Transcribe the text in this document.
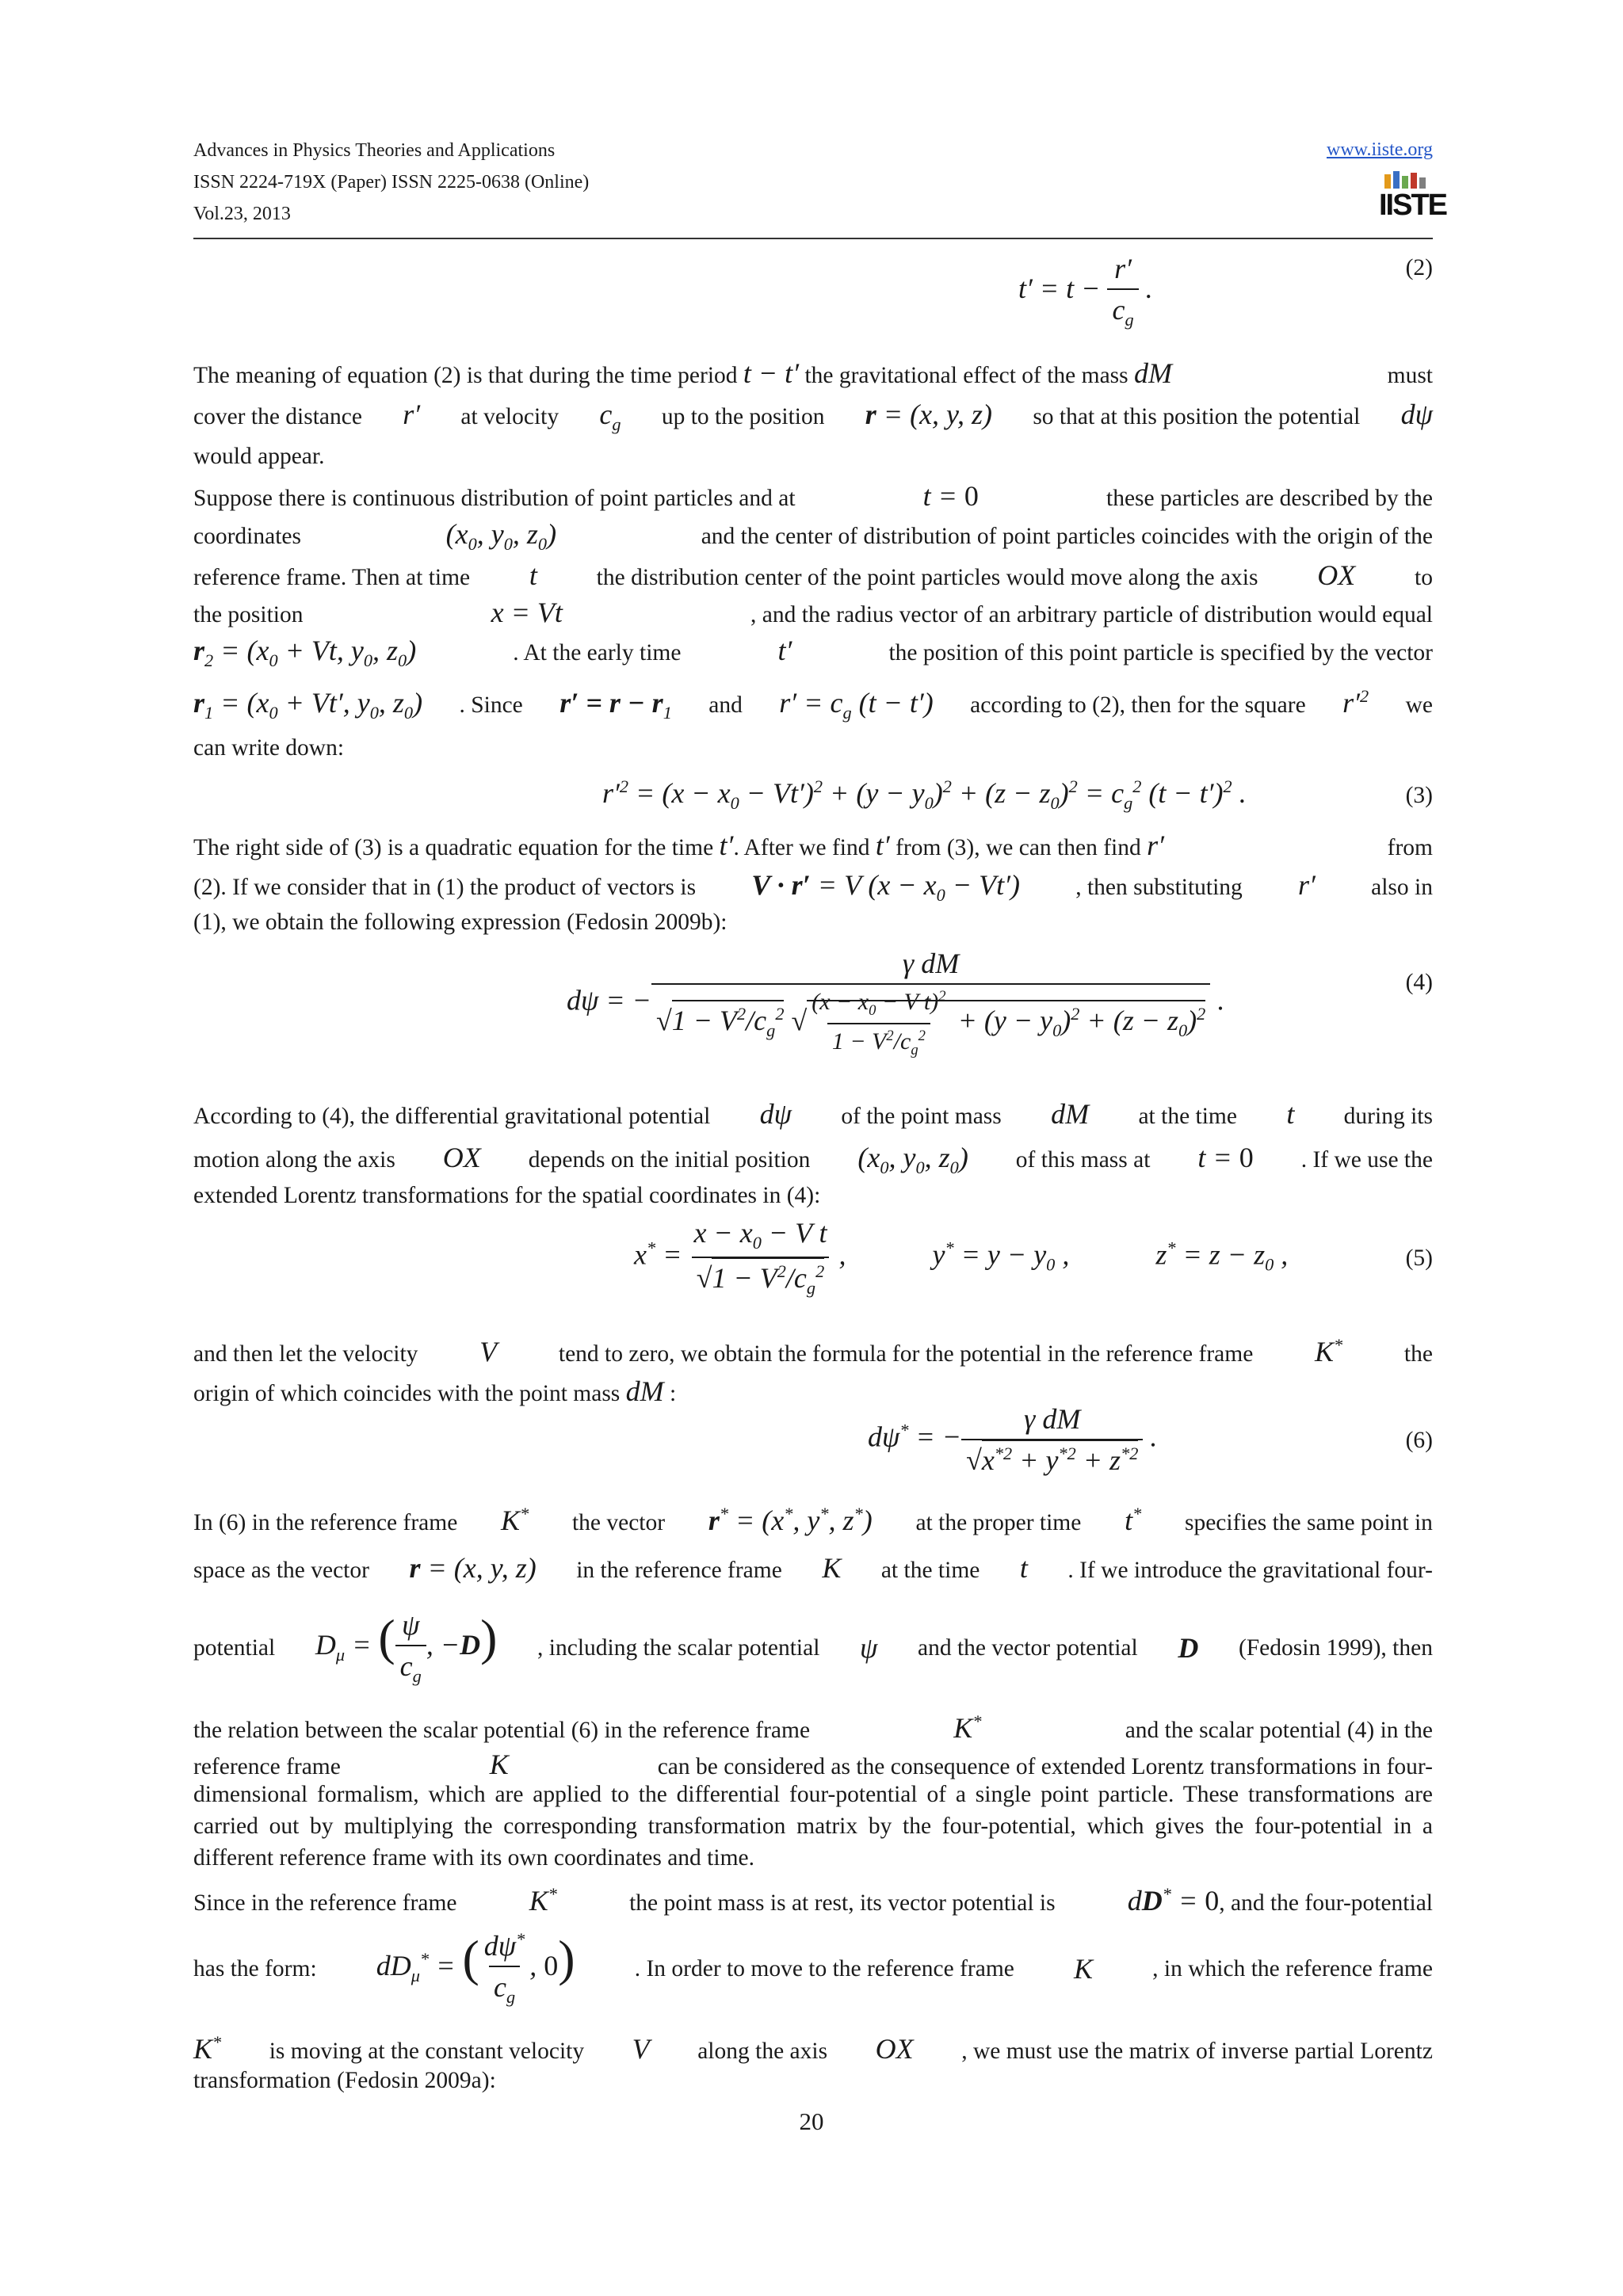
Advances in Physics Theories and Applications
ISSN 2224-719X (Paper) ISSN 2225-0638 (Online)
Vol.23, 2013
www.iiste.org
IISTE
$t' = t - \frac{r'}{c_g}$ .
(2)
The meaning of equation (2) is that during the time period t − t′ the gravitational effect of the mass dM	must
cover the distance r′ at velocity $c_g$ up to the position r = (x, y, z) so that at this position the potential dψ
would appear.
Suppose there is continuous distribution of point particles and at	t = 0	these particles are described by the
coordinates	($x_0$, $y_0$, $z_0$)	and the center of distribution of point particles coincides with the origin of the
reference frame. Then at time t	the distribution center of the point particles would move along the axis OX	to
the position	x = Vt	, and the radius vector of an arbitrary particle of distribution would equal
$r_2 = (x_0 + Vt$, $y_0$, $z_0$)	. At the early time	t′	the position of this point particle is specified by the vector
$r_1 = (x_0 + Vt'$, $y_0$, $z_0$) . Since $r' = r - r_1$ and $r' = c_g$ (t − t′) according to (2), then for the square $r'^2$ we
can write down:
$r'^2 = (x - x_0 - Vt')^2 + (y - y_0)^2 + (z - z_0)^2 = c_g^2$ $(t - t')^2$ .	(3)
The right side of (3) is a quadratic equation for the time t′. After we find t′ from (3), we can then find r′	from
(2). If we consider that in (1) the product of vectors is V · r′ = V $(x - x_0 - Vt')$ , then substituting r′ also in
(1), we obtain the following expression (Fedosin 2009b):
dψ = −
γ dM
$√1 - V^2/c_g^2$ √ $\frac{(x - x_0 - V t)^2}{1 - V^2/c_g^2} + (y - y_0)^2 + (z - z_0)^2$ .
(4)
According to (4), the differential gravitational potential dψ of the point mass dM at the time t during its
motion along the axis OX depends on the initial position ($x_0$, $y_0$, $z_0$) of this mass at t = 0 . If we use the
extended Lorentz transformations for the spatial coordinates in (4):
$x^* = \frac{x - x_0 - V t}{√1 - V^2/c_g^2}$ ,	$y^* = y - y_0$ ,	$z^* = z - z_0$ ,	(5)
and then let the velocity V	tend to zero, we obtain the formula for the potential in the reference frame K*	the
origin of which coincides with the point mass dM :
dψ* = − $\frac{\text{γ dM}}{√x^{*2} + y^{*2} + z^{*2}}$ .	(6)
In (6) in the reference frame K* the vector r* = (x*, y*, z*) at the proper time t* specifies the same point in
space as the vector r = (x, y, z) in the reference frame K at the time t . If we introduce the gravitational four-
potential $D_\mu$ = ( $\frac{\psi}{c_g}$ , −D) , including the scalar potential ψ and the vector potential D (Fedosin 1999), then
the relation between the scalar potential (6) in the reference frame	K*	and the scalar potential (4) in the
reference frame	K	can be considered as the consequence of extended Lorentz transformations in four-
dimensional formalism, which are applied to the differential four-potential of a single point particle. These transformations are carried out by multiplying the corresponding transformation matrix by the four-potential, which gives the four-potential in a different reference frame with its own coordinates and time.
Since in the reference frame	K*	the point mass is at rest, its vector potential is	dD* = 0, and the four-potential
has the form: $dD_\mu^*$ = ( $\frac{d\psi^*}{c_g}$ , 0)	. In order to move to the reference frame K	, in which the reference frame
K* is moving at the constant velocity V along the axis OX , we must use the matrix of inverse partial Lorentz
transformation (Fedosin 2009a):
20
